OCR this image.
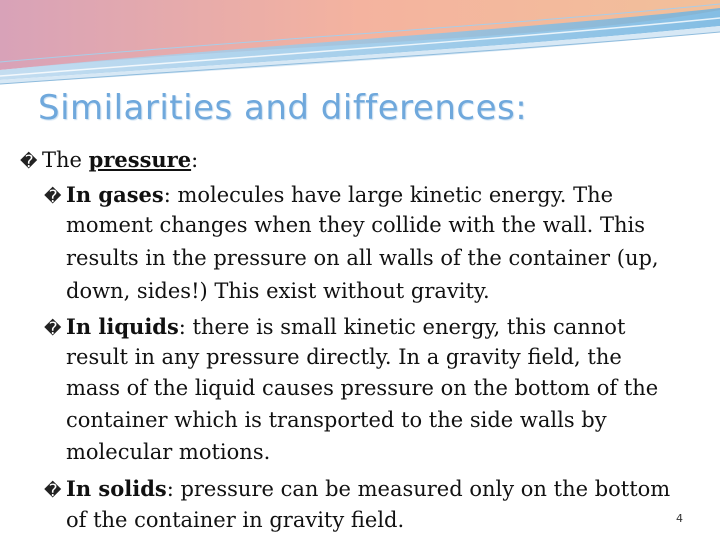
Similarities and differences:
� The pressure:
� In gases: molecules have large kinetic energy. The
moment changes when they collide with the wall. This
results in the pressure on all walls of the container (up,
down, sides!) This exist without gravity.
� In liquids: there is small kinetic energy, this cannot
result in any pressure directly. In a gravity field, the
mass of the liquid causes pressure on the bottom of the
container which is transported to the side walls by
molecular motions.
� In solids: pressure can be measured only on the bottom
of the container in gravity field.	4
